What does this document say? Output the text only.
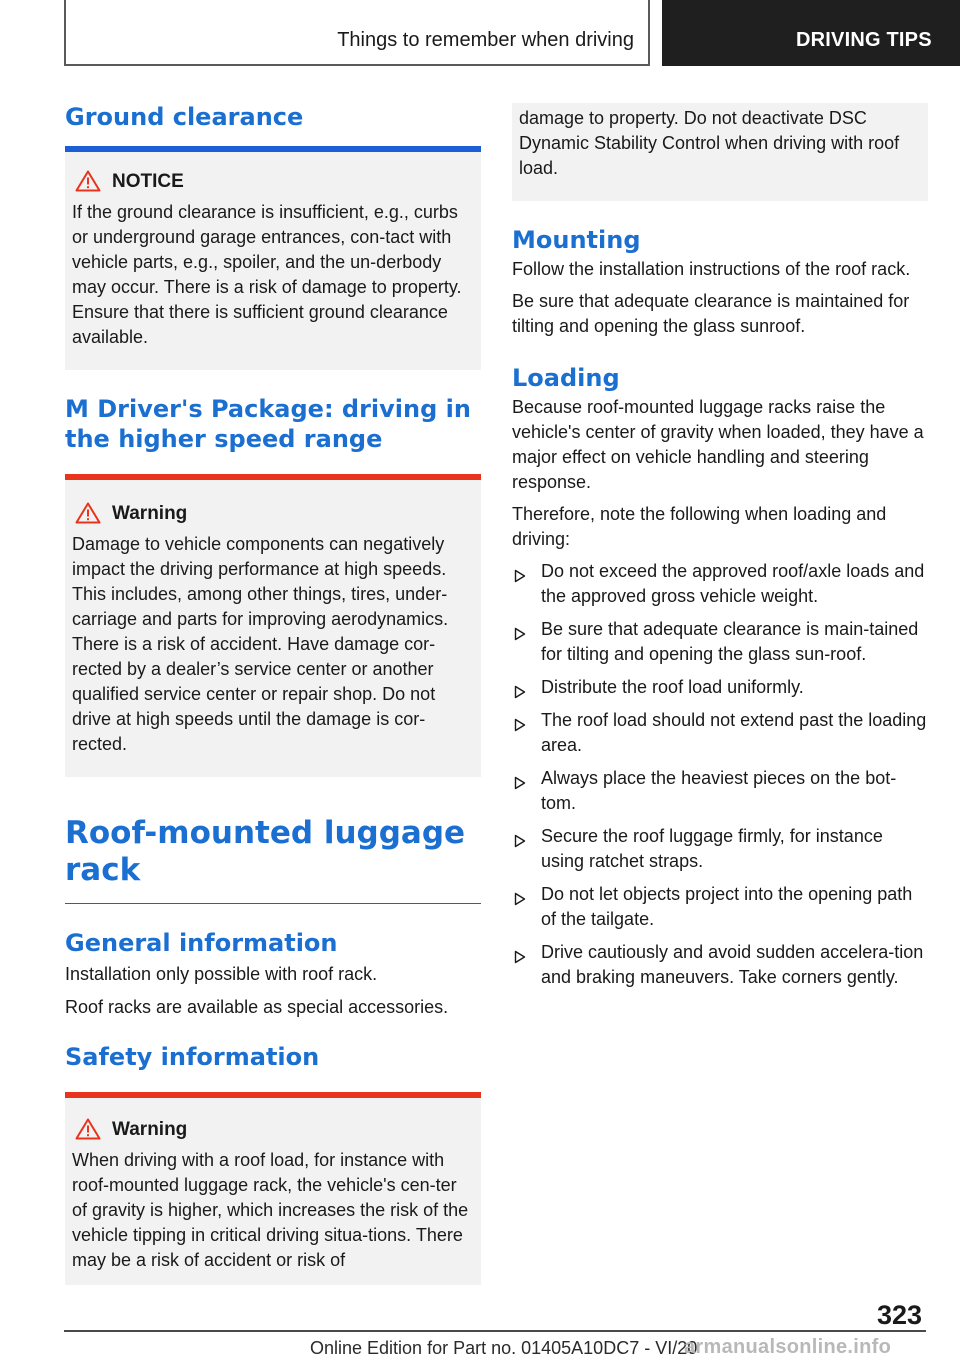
Things to remember when driving	DRIVING TIPS
Ground clearance
NOTICE

If the ground clearance is insufficient, e.g., curbs or underground garage entrances, con‐tact with vehicle parts, e.g., spoiler, and the un‐derbody may occur. There is a risk of damage to property. Ensure that there is sufficient ground clearance available.

M Driver's Package: driving in the higher speed range
Warning

Damage to vehicle components can negatively impact the driving performance at high speeds. This includes, among other things, tires, under‐carriage and parts for improving aerodynamics. There is a risk of accident. Have damage cor‐rected by a dealer’s service center or another qualified service center or repair shop. Do not drive at high speeds until the damage is cor‐rected.

Roof-mounted luggage rack
General information

Installation only possible with roof rack.

Roof racks are available as special accessories.

Safety information
Warning

When driving with a roof load, for instance with roof-mounted luggage rack, the vehicle's cen‐ter of gravity is higher, which increases the risk of the vehicle tipping in critical driving situa‐tions. There may be a risk of accident or risk of

damage to property. Do not deactivate DSC Dynamic Stability Control when driving with roof load.

Mounting

Follow the installation instructions of the roof rack.

Be sure that adequate clearance is maintained for tilting and opening the glass sunroof.

Loading

Because roof-mounted luggage racks raise the vehicle's center of gravity when loaded, they have a major effect on vehicle handling and steering response.

Therefore, note the following when loading and driving:

Do not exceed the approved roof/axle loads and the approved gross vehicle weight.
Be sure that adequate clearance is main‐tained for tilting and opening the glass sun‐roof.
Distribute the roof load uniformly.
The roof load should not extend past the loading area.
Always place the heaviest pieces on the bot‐tom.
Secure the roof luggage firmly, for instance using ratchet straps.
Do not let objects project into the opening path of the tailgate.
Drive cautiously and avoid sudden accelera‐tion and braking maneuvers. Take corners gently.
323
Online Edition for Part no. 01405A10DC7 - VI/20
armanualsonline.info
